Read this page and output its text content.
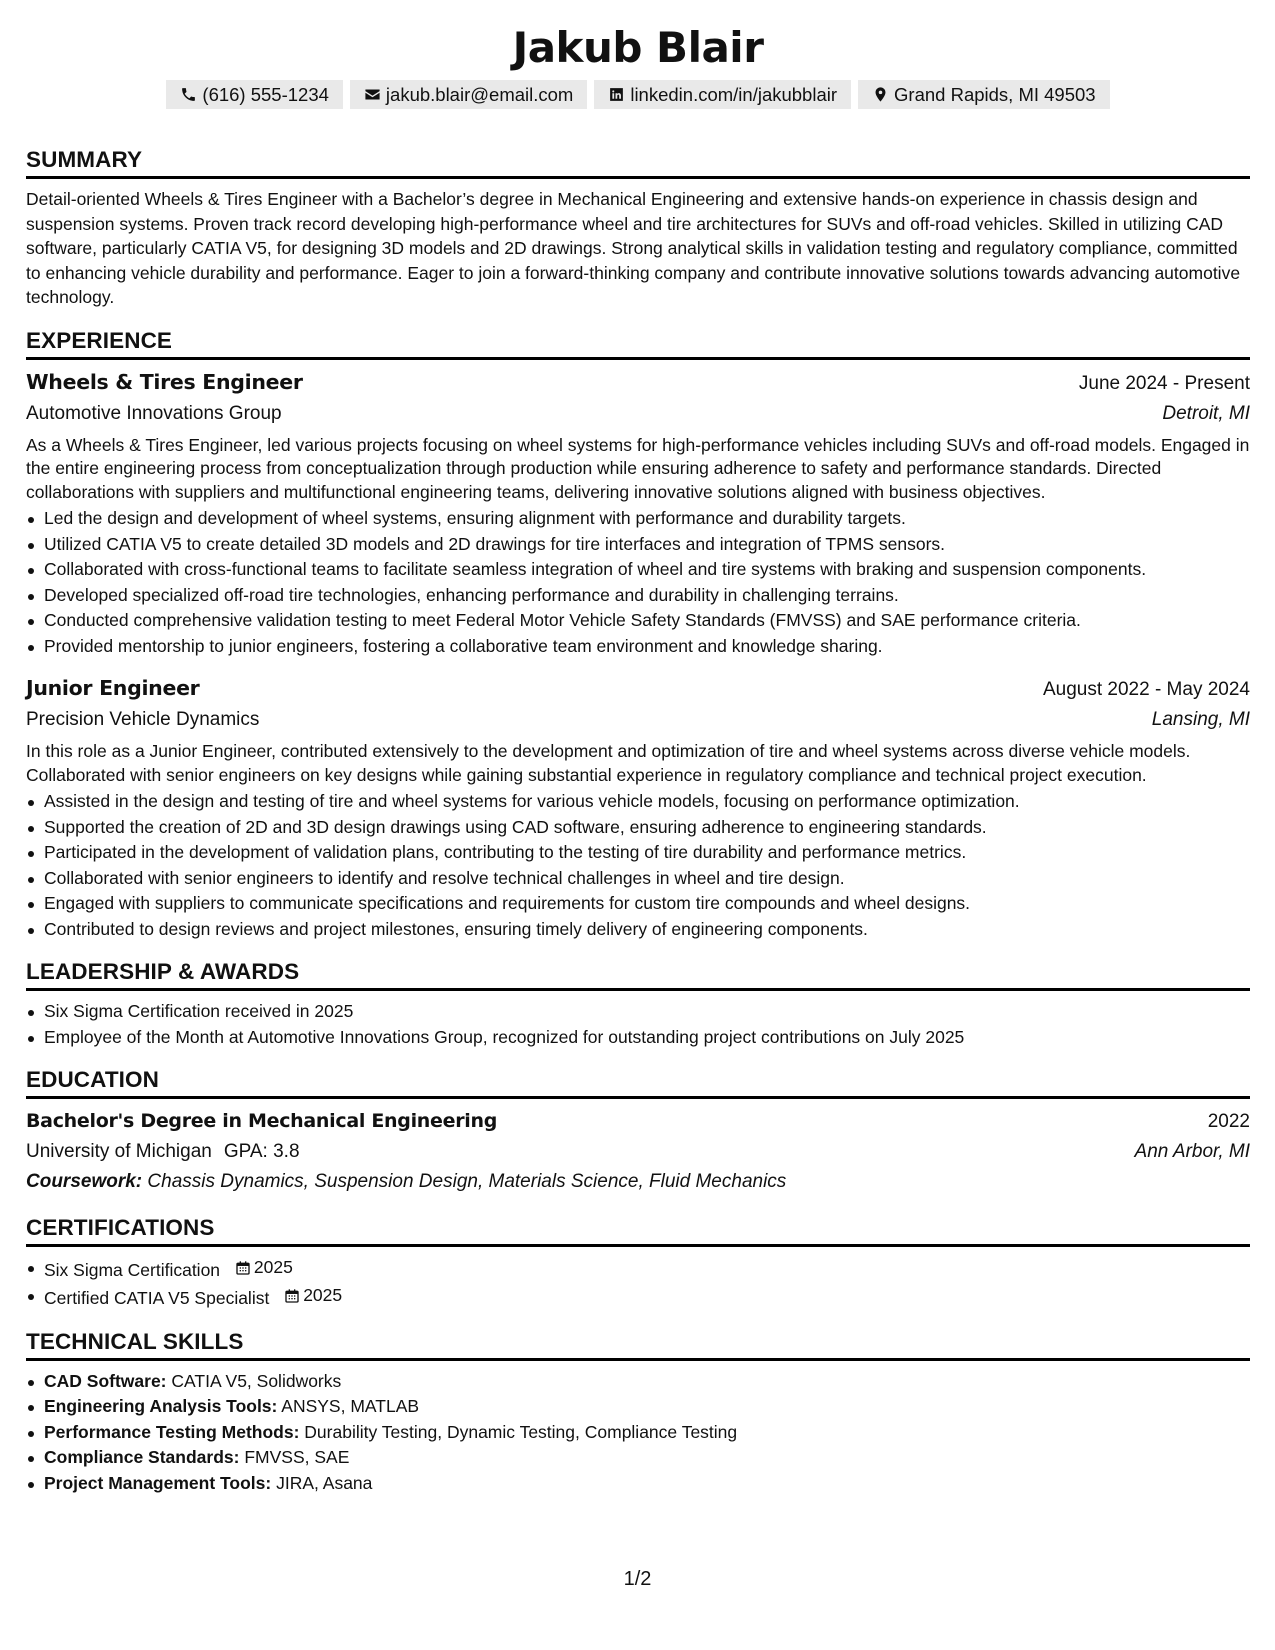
Jakub Blair
(616) 555-1234	jakub.blair@email.com	linkedin.com/in/jakubblair	Grand Rapids, MI 49503
SUMMARY

Detail-oriented Wheels & Tires Engineer with a Bachelor’s degree in Mechanical Engineering and extensive hands-on experience in chassis design and suspension systems. Proven track record developing high-performance wheel and tire architectures for SUVs and off-road vehicles. Skilled in utilizing CAD software, particularly CATIA V5, for designing 3D models and 2D drawings. Strong analytical skills in validation testing and regulatory compliance, committed to enhancing vehicle durability and performance. Eager to join a forward-thinking company and contribute innovative solutions towards advancing automotive technology.

EXPERIENCE
Wheels & Tires Engineer	June 2024 - Present
Automotive Innovations Group	Detroit, MI

As a Wheels & Tires Engineer, led various projects focusing on wheel systems for high-performance vehicles including SUVs and off-road models. Engaged in the entire engineering process from conceptualization through production while ensuring adherence to safety and performance standards. Directed collaborations with suppliers and multifunctional engineering teams, delivering innovative solutions aligned with business objectives.

Led the design and development of wheel systems, ensuring alignment with performance and durability targets.
Utilized CATIA V5 to create detailed 3D models and 2D drawings for tire interfaces and integration of TPMS sensors.
Collaborated with cross-functional teams to facilitate seamless integration of wheel and tire systems with braking and suspension components.
Developed specialized off-road tire technologies, enhancing performance and durability in challenging terrains.
Conducted comprehensive validation testing to meet Federal Motor Vehicle Safety Standards (FMVSS) and SAE performance criteria.
Provided mentorship to junior engineers, fostering a collaborative team environment and knowledge sharing.
Junior Engineer	August 2022 - May 2024
Precision Vehicle Dynamics	Lansing, MI

In this role as a Junior Engineer, contributed extensively to the development and optimization of tire and wheel systems across diverse vehicle models. Collaborated with senior engineers on key designs while gaining substantial experience in regulatory compliance and technical project execution.

Assisted in the design and testing of tire and wheel systems for various vehicle models, focusing on performance optimization.
Supported the creation of 2D and 3D design drawings using CAD software, ensuring adherence to engineering standards.
Participated in the development of validation plans, contributing to the testing of tire durability and performance metrics.
Collaborated with senior engineers to identify and resolve technical challenges in wheel and tire design.
Engaged with suppliers to communicate specifications and requirements for custom tire compounds and wheel designs.
Contributed to design reviews and project milestones, ensuring timely delivery of engineering components.
LEADERSHIP & AWARDS
Six Sigma Certification received in 2025
Employee of the Month at Automotive Innovations Group, recognized for outstanding project contributions on July 2025
EDUCATION
Bachelor's Degree in Mechanical Engineering	2022
University of Michigan GPA: 3.8	Ann Arbor, MI
Coursework: Chassis Dynamics, Suspension Design, Materials Science, Fluid Mechanics
CERTIFICATIONS
Six Sigma Certification 2025
Certified CATIA V5 Specialist 2025
TECHNICAL SKILLS
CAD Software: CATIA V5, Solidworks
Engineering Analysis Tools: ANSYS, MATLAB
Performance Testing Methods: Durability Testing, Dynamic Testing, Compliance Testing
Compliance Standards: FMVSS, SAE
Project Management Tools: JIRA, Asana
1/2
